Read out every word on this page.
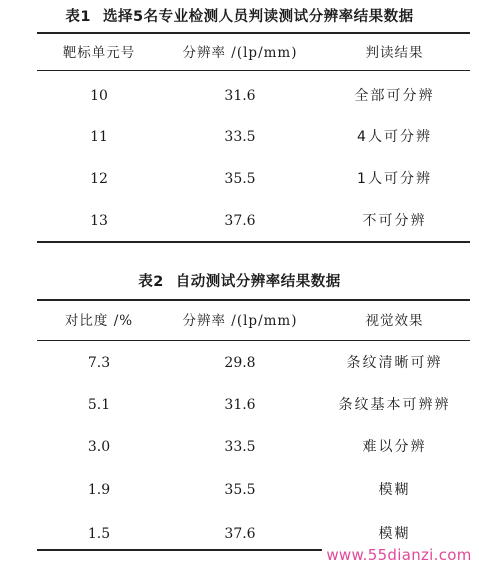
表1 选择5名专业检测人员判读测试分辨率结果数据
靶标单元号	分辨率 /(lp/mm)	判读结果
10	31.6	全部可分辨
11	33.5	4人可分辨
12	35.5	1人可分辨
13	37.6	不可分辨
表2 自动测试分辨率结果数据
对比度 /%	分辨率 /(lp/mm)	视觉效果
7.3	29.8	条纹清晰可辨
5.1	31.6	条纹基本可辨辨
3.0	33.5	难以分辨
1.9	35.5	模糊
1.5	37.6	模糊
www.55dianzi.com
